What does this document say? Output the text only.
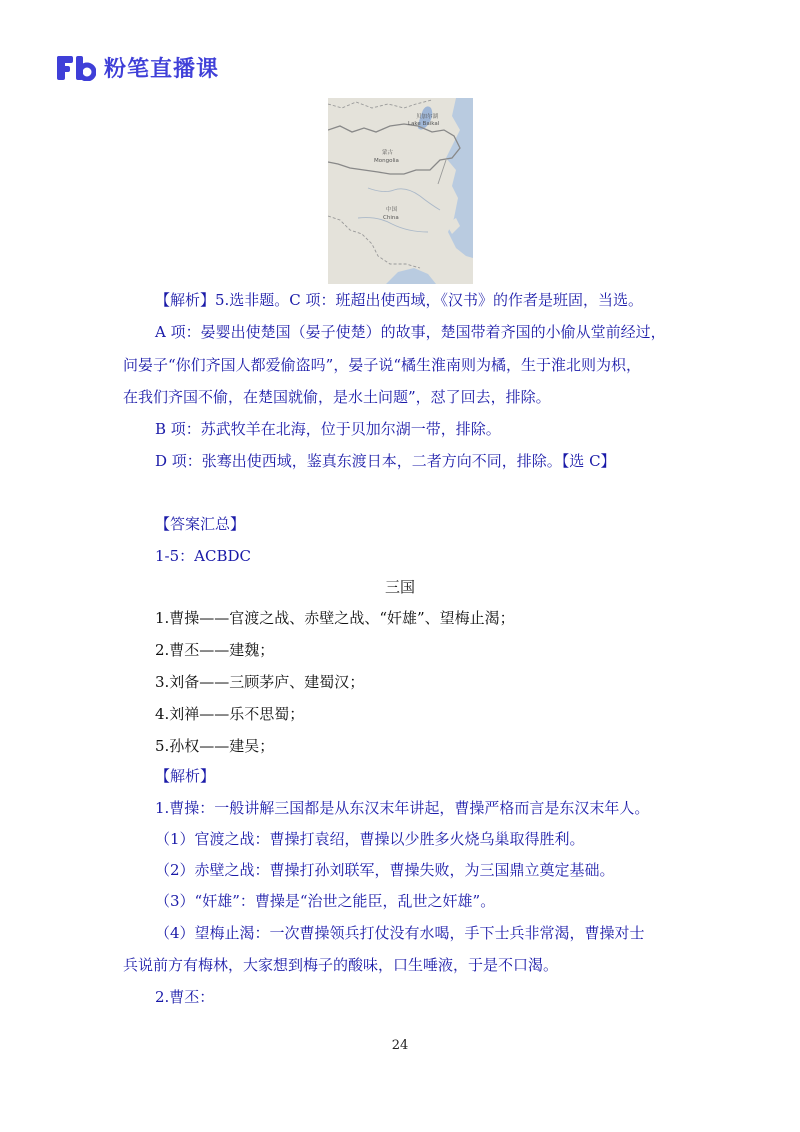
粉笔直播课
贝加尔湖
Lake Baikal
蒙古
Mongolia
中国
China
【解析】5.选非题。C 项：班超出使西域，《汉书》的作者是班固，当选。
A 项：晏婴出使楚国（晏子使楚）的故事，楚国带着齐国的小偷从堂前经过，
问晏子“你们齐国人都爱偷盗吗”，晏子说“橘生淮南则为橘，生于淮北则为枳，
在我们齐国不偷，在楚国就偷，是水土问题”，怼了回去，排除。
B 项：苏武牧羊在北海，位于贝加尔湖一带，排除。
D 项：张骞出使西域，鉴真东渡日本，二者方向不同，排除。【选 C】
【答案汇总】
1-5：ACBDC
三国
1.曹操——官渡之战、赤壁之战、“奸雄”、望梅止渴；
2.曹丕——建魏；
3.刘备——三顾茅庐、建蜀汉；
4.刘禅——乐不思蜀；
5.孙权——建吴；
【解析】
1.曹操：一般讲解三国都是从东汉末年讲起，曹操严格而言是东汉末年人。
（1）官渡之战：曹操打袁绍，曹操以少胜多火烧乌巢取得胜利。
（2）赤壁之战：曹操打孙刘联军，曹操失败，为三国鼎立奠定基础。
（3）“奸雄”：曹操是“治世之能臣，乱世之奸雄”。
（4）望梅止渴：一次曹操领兵打仗没有水喝，手下士兵非常渴，曹操对士
兵说前方有梅林，大家想到梅子的酸味，口生唾液，于是不口渴。
2.曹丕：
24
